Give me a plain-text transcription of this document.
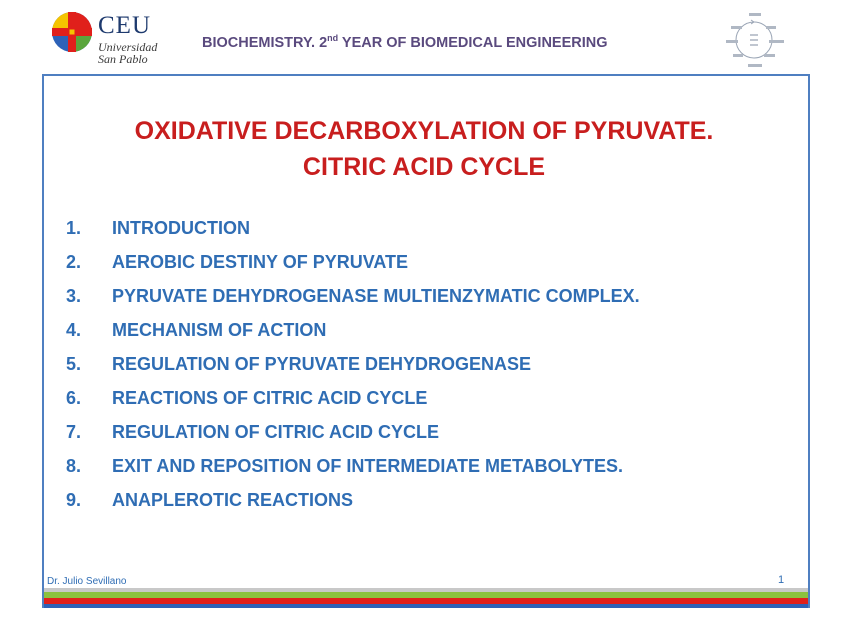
CEU
Universidad
San Pablo
BIOCHEMISTRY. 2nd YEAR OF BIOMEDICAL ENGINEERING
OXIDATIVE DECARBOXYLATION OF PYRUVATE.
CITRIC ACID CYCLE
1.	INTRODUCTION
2.	AEROBIC DESTINY OF PYRUVATE
3.	PYRUVATE DEHYDROGENASE MULTIENZYMATIC COMPLEX.
4.	MECHANISM OF ACTION
5.	REGULATION OF PYRUVATE DEHYDROGENASE
6.	REACTIONS OF CITRIC ACID CYCLE
7.	REGULATION OF CITRIC ACID CYCLE
8.	EXIT AND REPOSITION OF INTERMEDIATE METABOLYTES.
9.	ANAPLEROTIC REACTIONS
Dr. Julio Sevillano	1
